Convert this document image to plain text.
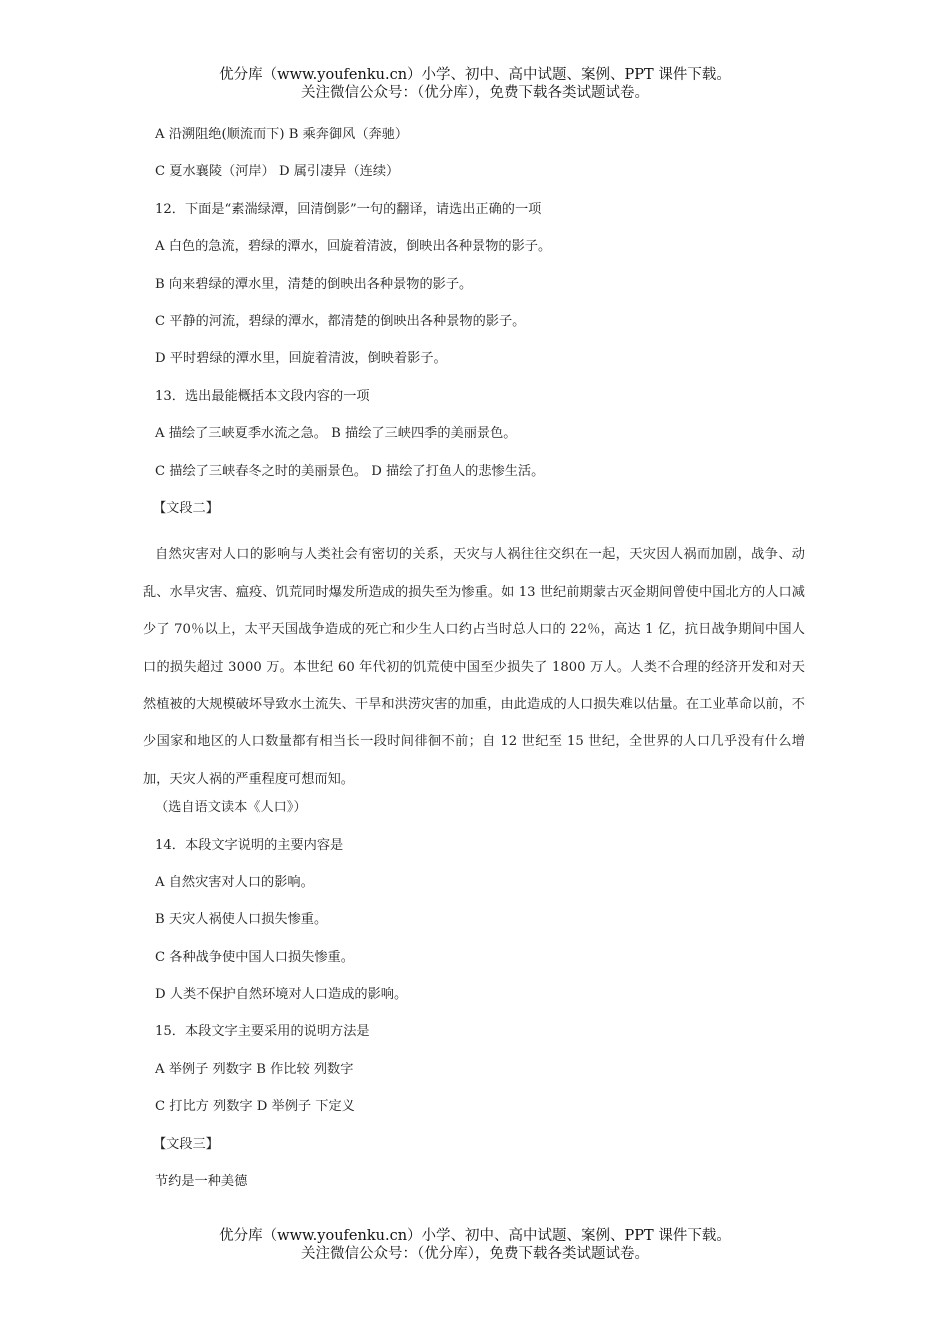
优分库（www.youfenku.cn）小学、初中、高中试题、案例、PPT 课件下载。
关注微信公众号：（优分库），免费下载各类试题试卷。
A 沿溯阻绝(顺流而下) B 乘奔御风（奔驰）
C 夏水襄陵（河岸） D 属引凄异（连续）
12．下面是“素湍绿潭，回清倒影”一句的翻译，请选出正确的一项
A 白色的急流，碧绿的潭水，回旋着清波，倒映出各种景物的影子。
B 向来碧绿的潭水里，清楚的倒映出各种景物的影子。
C 平静的河流，碧绿的潭水，都清楚的倒映出各种景物的影子。
D 平时碧绿的潭水里，回旋着清波，倒映着影子。
13．选出最能概括本文段内容的一项
A 描绘了三峡夏季水流之急。 B 描绘了三峡四季的美丽景色。
C 描绘了三峡春冬之时的美丽景色。 D 描绘了打鱼人的悲惨生活。
【文段二】
自然灾害对人口的影响与人类社会有密切的关系，天灾与人祸往往交织在一起，天灾因人祸而加剧，战争、动乱、水旱灾害、瘟疫、饥荒同时爆发所造成的损失至为惨重。如 13 世纪前期蒙古灭金期间曾使中国北方的人口减少了 70％以上，太平天国战争造成的死亡和少生人口约占当时总人口的 22％，高达 1 亿，抗日战争期间中国人口的损失超过 3000 万。本世纪 60 年代初的饥荒使中国至少损失了 1800 万人。人类不合理的经济开发和对天然植被的大规模破坏导致水土流失、干旱和洪涝灾害的加重，由此造成的人口损失难以估量。在工业革命以前，不少国家和地区的人口数量都有相当长一段时间徘徊不前；自 12 世纪至 15 世纪，全世界的人口几乎没有什么增加，天灾人祸的严重程度可想而知。
（选自语文读本《人口》）
14．本段文字说明的主要内容是
A 自然灾害对人口的影响。
B 天灾人祸使人口损失惨重。
C 各种战争使中国人口损失惨重。
D 人类不保护自然环境对人口造成的影响。
15．本段文字主要采用的说明方法是
A 举例子 列数字 B 作比较 列数字
C 打比方 列数字 D 举例子 下定义
【文段三】
节约是一种美德
优分库（www.youfenku.cn）小学、初中、高中试题、案例、PPT 课件下载。
关注微信公众号：（优分库），免费下载各类试题试卷。
